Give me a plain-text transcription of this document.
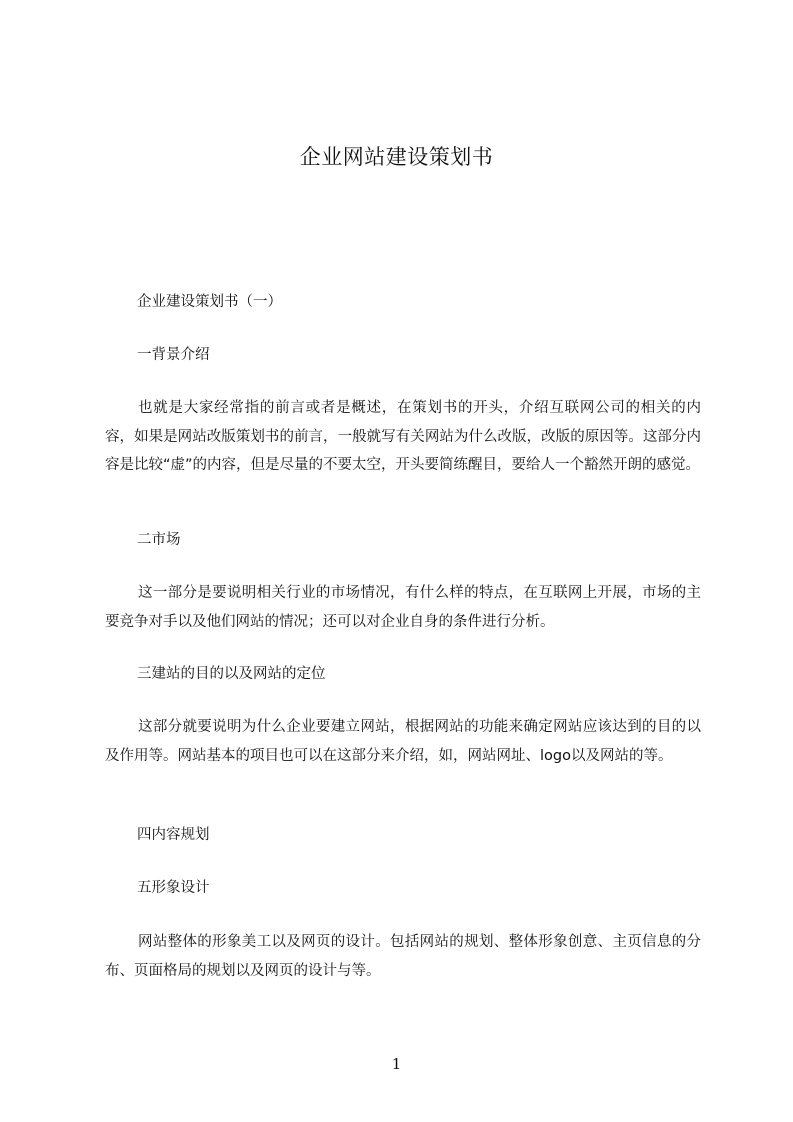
企业网站建设策划书
企业建设策划书（一）
一背景介绍

也就是大家经常指的前言或者是概述，在策划书的开头，介绍互联网公司的相关的内容，如果是网站改版策划书的前言，一般就写有关网站为什么改版，改版的原因等。这部分内容是比较“虚”的内容，但是尽量的不要太空，开头要简练醒目，要给人一个豁然开朗的感觉。

二市场

这一部分是要说明相关行业的市场情况，有什么样的特点，在互联网上开展，市场的主要竞争对手以及他们网站的情况；还可以对企业自身的条件进行分析。

三建站的目的以及网站的定位

这部分就要说明为什么企业要建立网站，根据网站的功能来确定网站应该达到的目的以及作用等。网站基本的项目也可以在这部分来介绍，如，网站网址、logo以及网站的等。

四内容规划
五形象设计

网站整体的形象美工以及网页的设计。包括网站的规划、整体形象创意、主页信息的分布、页面格局的规划以及网页的设计与等。

1
